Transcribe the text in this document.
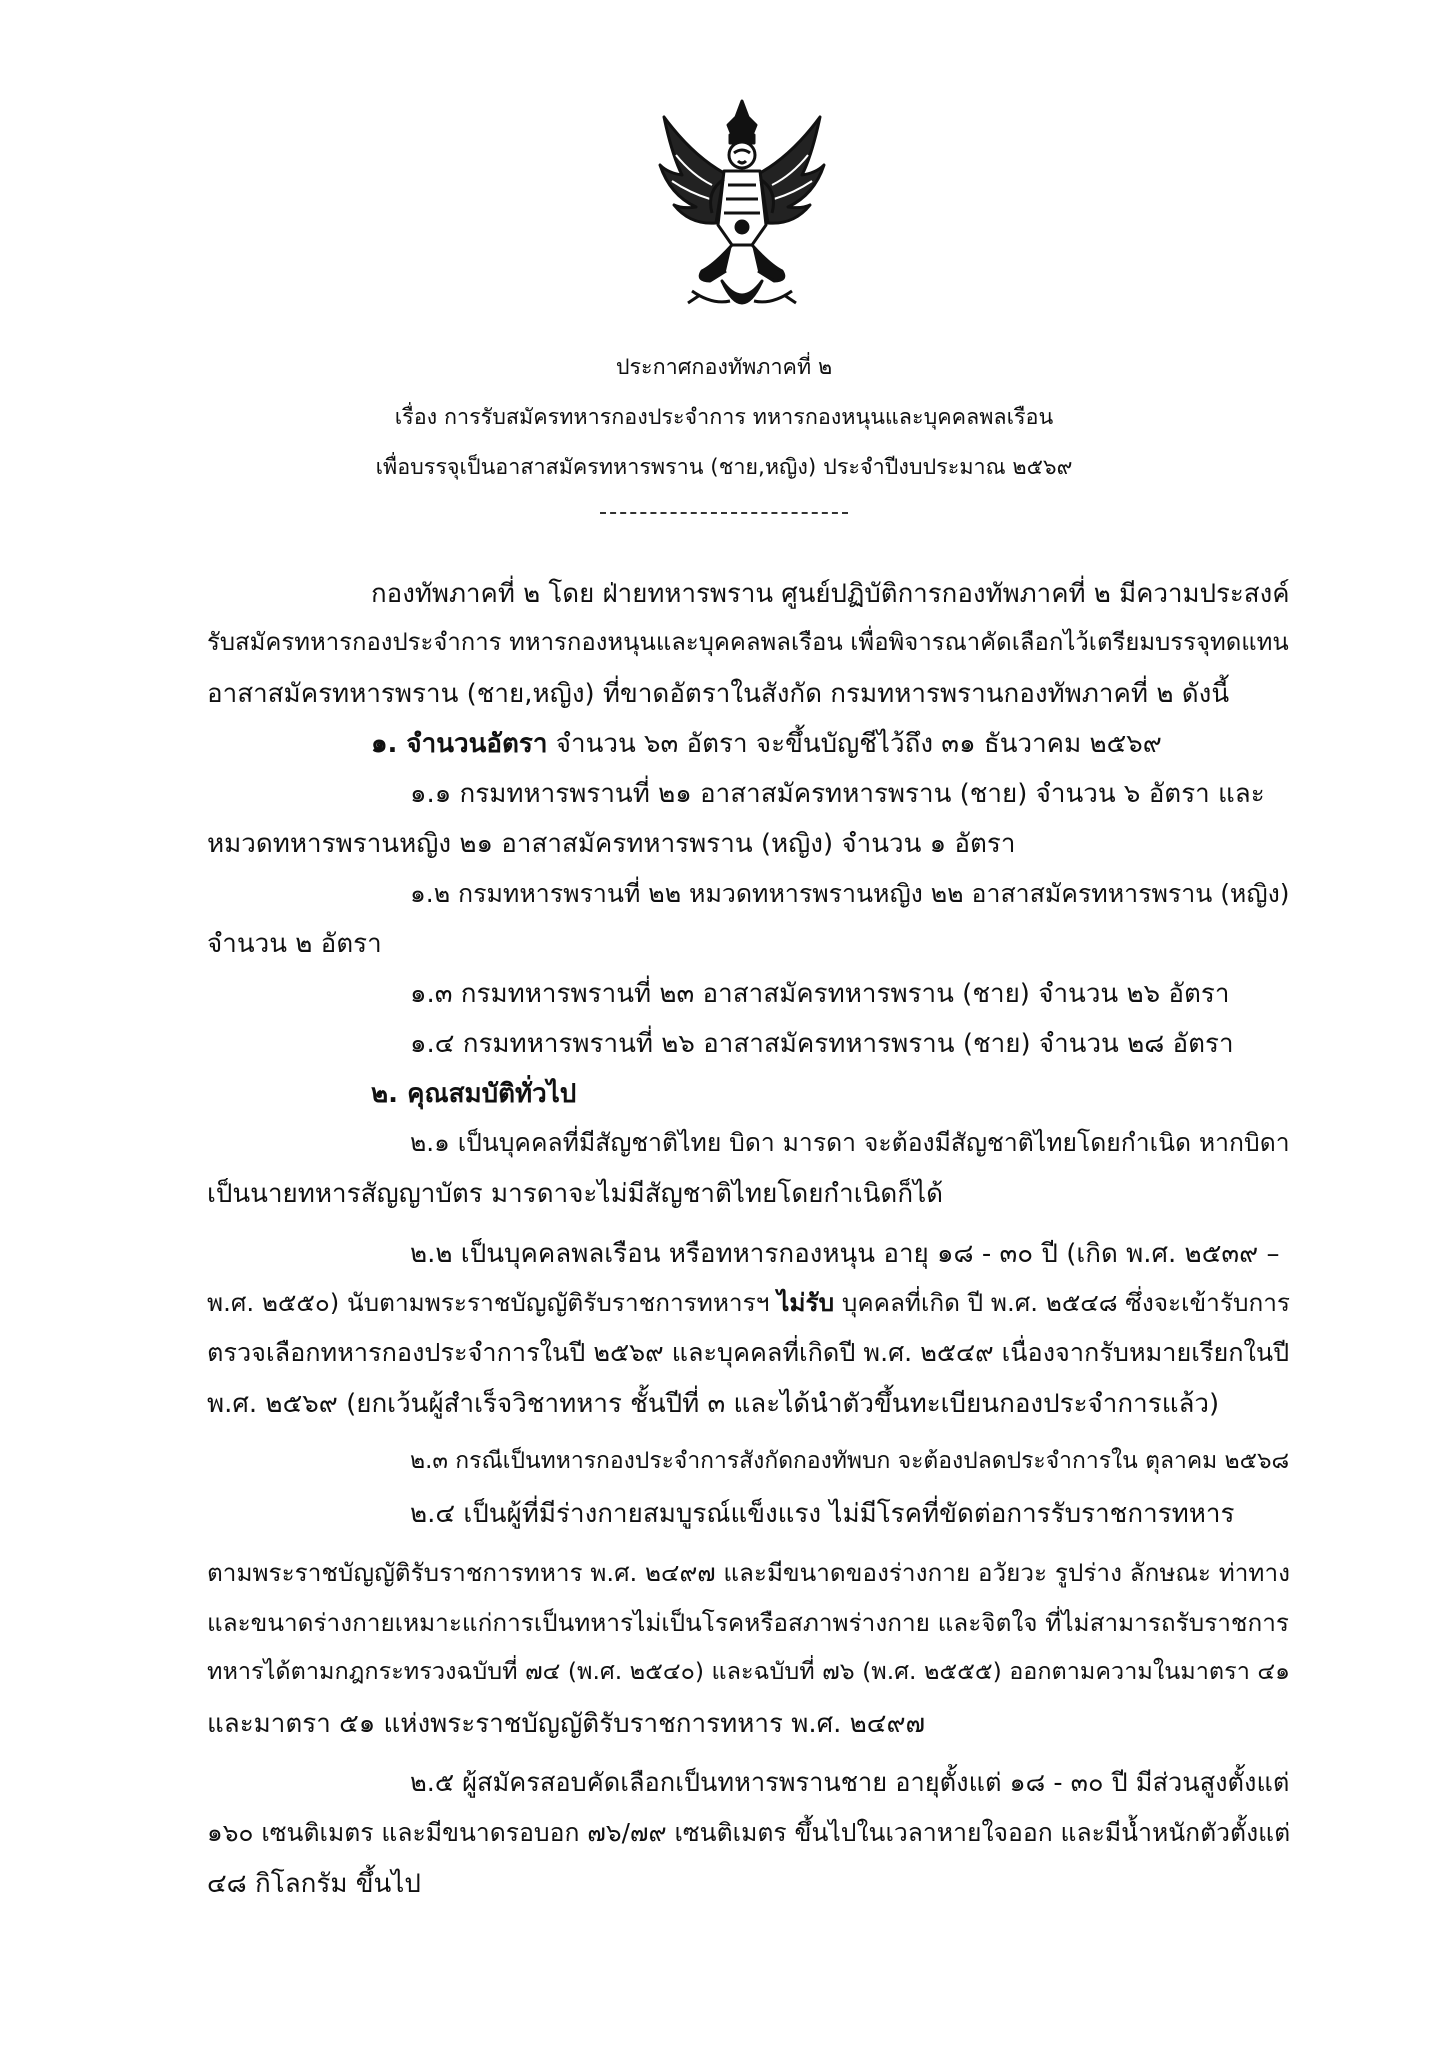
ประกาศกองทัพภาคที่ ๒
เรื่อง การรับสมัครทหารกองประจำการ ทหารกองหนุนและบุคคลพลเรือน
เพื่อบรรจุเป็นอาสาสมัครทหารพราน (ชาย,หญิง) ประจำปีงบประมาณ ๒๕๖๙
กองทัพภาคที่ ๒ โดย ฝ่ายทหารพราน ศูนย์ปฏิบัติการกองทัพภาคที่ ๒ มีความประสงค์
รับสมัครทหารกองประจำการ ทหารกองหนุนและบุคคลพลเรือน เพื่อพิจารณาคัดเลือกไว้เตรียมบรรจุทดแทน
อาสาสมัครทหารพราน (ชาย,หญิง) ที่ขาดอัตราในสังกัด กรมทหารพรานกองทัพภาคที่ ๒ ดังนี้
๑. จำนวนอัตรา จำนวน ๖๓ อัตรา จะขึ้นบัญชีไว้ถึง ๓๑ ธันวาคม ๒๕๖๙
๑.๑ กรมทหารพรานที่ ๒๑ อาสาสมัครทหารพราน (ชาย) จำนวน ๖ อัตรา และ
หมวดทหารพรานหญิง ๒๑ อาสาสมัครทหารพราน (หญิง) จำนวน ๑ อัตรา
๑.๒ กรมทหารพรานที่ ๒๒ หมวดทหารพรานหญิง ๒๒ อาสาสมัครทหารพราน (หญิง)
จำนวน ๒ อัตรา
๑.๓ กรมทหารพรานที่ ๒๓ อาสาสมัครทหารพราน (ชาย) จำนวน ๒๖ อัตรา
๑.๔ กรมทหารพรานที่ ๒๖ อาสาสมัครทหารพราน (ชาย) จำนวน ๒๘ อัตรา
๒. คุณสมบัติทั่วไป
๒.๑ เป็นบุคคลที่มีสัญชาติไทย บิดา มารดา จะต้องมีสัญชาติไทยโดยกำเนิด หากบิดา
เป็นนายทหารสัญญาบัตร มารดาจะไม่มีสัญชาติไทยโดยกำเนิดก็ได้
๒.๒ เป็นบุคคลพลเรือน หรือทหารกองหนุน อายุ ๑๘ - ๓๐ ปี (เกิด พ.ศ. ๒๕๓๙ –
พ.ศ. ๒๕๕๐) นับตามพระราชบัญญัติรับราชการทหารฯ ไม่รับ บุคคลที่เกิด ปี พ.ศ. ๒๕๔๘ ซึ่งจะเข้ารับการ
ตรวจเลือกทหารกองประจำการในปี ๒๕๖๙ และบุคคลที่เกิดปี พ.ศ. ๒๕๔๙ เนื่องจากรับหมายเรียกในปี
พ.ศ. ๒๕๖๙ (ยกเว้นผู้สำเร็จวิชาทหาร ชั้นปีที่ ๓ และได้นำตัวขึ้นทะเบียนกองประจำการแล้ว)
๒.๓ กรณีเป็นทหารกองประจำการสังกัดกองทัพบก จะต้องปลดประจำการใน ตุลาคม ๒๕๖๘
๒.๔ เป็นผู้ที่มีร่างกายสมบูรณ์แข็งแรง ไม่มีโรคที่ขัดต่อการรับราชการทหาร
ตามพระราชบัญญัติรับราชการทหาร พ.ศ. ๒๔๙๗ และมีขนาดของร่างกาย อวัยวะ รูปร่าง ลักษณะ ท่าทาง
และขนาดร่างกายเหมาะแก่การเป็นทหารไม่เป็นโรคหรือสภาพร่างกาย และจิตใจ ที่ไม่สามารถรับราชการ
ทหารได้ตามกฎกระทรวงฉบับที่ ๗๔ (พ.ศ. ๒๕๔๐) และฉบับที่ ๗๖ (พ.ศ. ๒๕๕๕) ออกตามความในมาตรา ๔๑
และมาตรา ๕๑ แห่งพระราชบัญญัติรับราชการทหาร พ.ศ. ๒๔๙๗
๒.๕ ผู้สมัครสอบคัดเลือกเป็นทหารพรานชาย อายุตั้งแต่ ๑๘ - ๓๐ ปี มีส่วนสูงตั้งแต่
๑๖๐ เซนติเมตร และมีขนาดรอบอก ๗๖/๗๙ เซนติเมตร ขึ้นไปในเวลาหายใจออก และมีน้ำหนักตัวตั้งแต่
๔๘ กิโลกรัม ขึ้นไป
